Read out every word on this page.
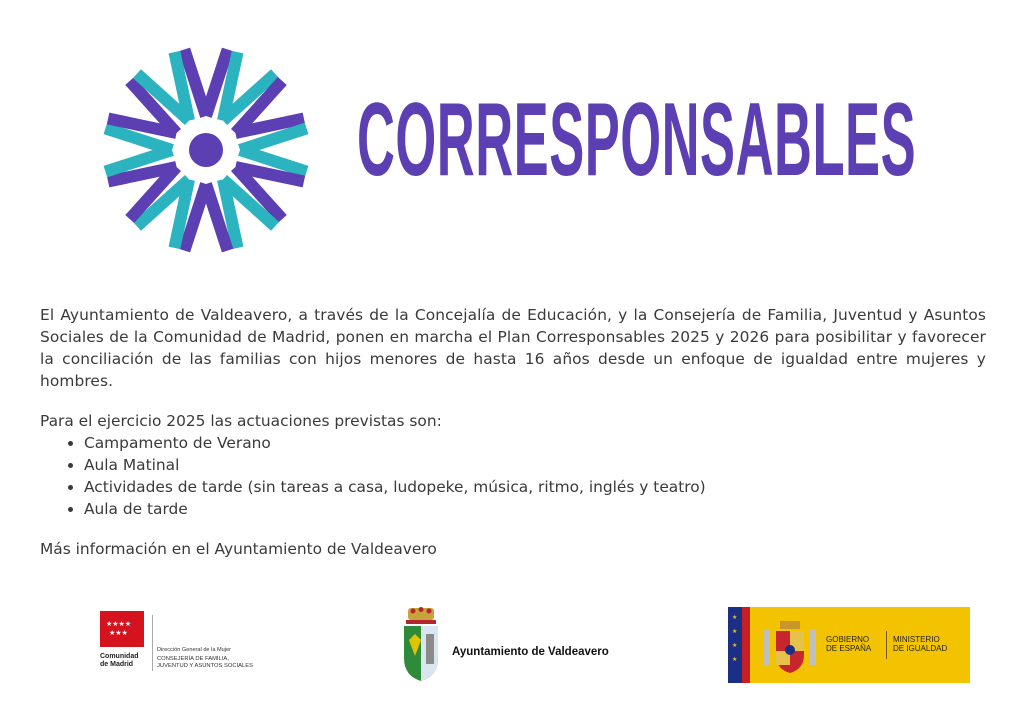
CORRESPONSABLES

El Ayuntamiento de Valdeavero, a través de la Concejalía de Educación, y la Consejería de Familia, Juventud y Asuntos Sociales de la Comunidad de Madrid, ponen en marcha el Plan Corresponsables 2025 y 2026 para posibilitar y favorecer la conciliación de las familias con hijos menores de hasta 16 años desde un enfoque de igualdad entre mujeres y hombres.

Para el ejercicio 2025 las actuaciones previstas son:

• Campamento de Verano
• Aula Matinal
• Actividades de tarde (sin tareas a casa, ludopeke, música, ritmo, inglés y teatro)
• Aula de tarde

Más información en el Ayuntamiento de Valdeavero

★★★★
★★★
Comunidad
de Madrid
Dirección General de la Mujer
CONSEJERÍA DE FAMILIA,
JUVENTUD Y ASUNTOS SOCIALES
Ayuntamiento de Valdeavero
★
★
★
★
GOBIERNO
DE ESPAÑA
MINISTERIO
DE IGUALDAD
